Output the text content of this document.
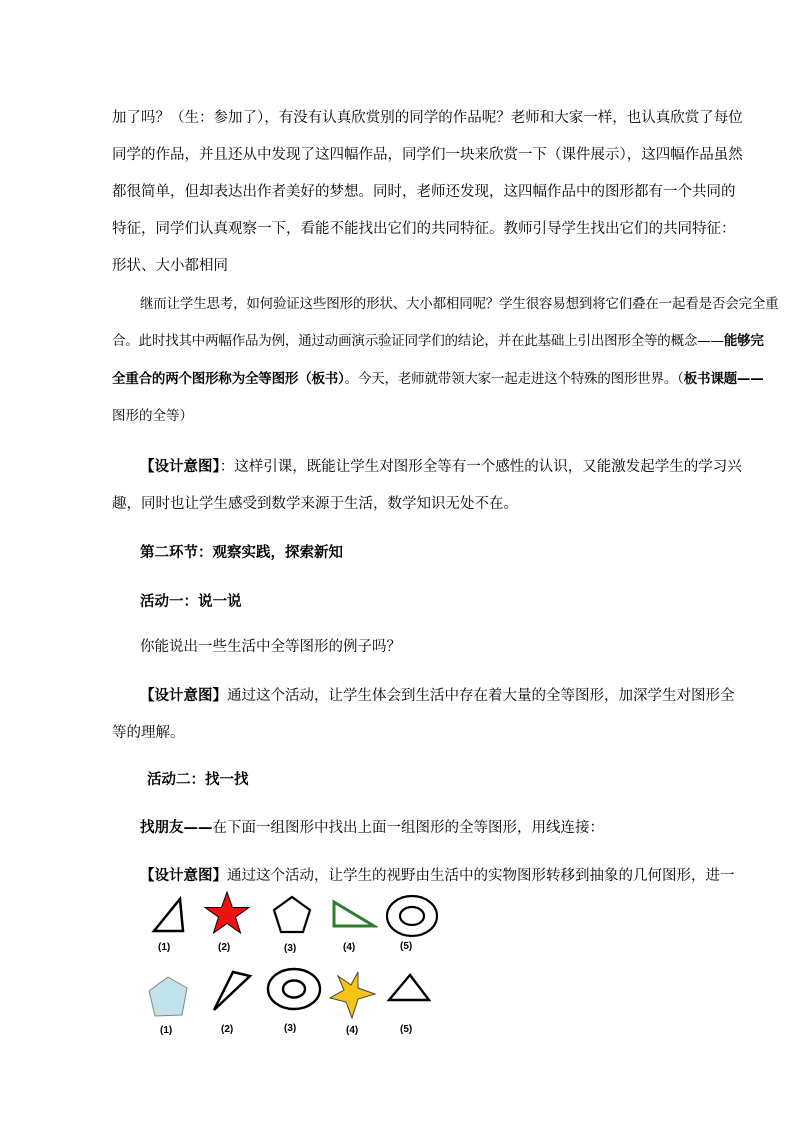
加了吗？（生：参加了），有没有认真欣赏别的同学的作品呢？老师和大家一样，也认真欣赏了每位
同学的作品，并且还从中发现了这四幅作品，同学们一块来欣赏一下（课件展示），这四幅作品虽然
都很简单，但却表达出作者美好的梦想。同时，老师还发现，这四幅作品中的图形都有一个共同的
特征，同学们认真观察一下，看能不能找出它们的共同特征。教师引导学生找出它们的共同特征：
形状、大小都相同
继而让学生思考，如何验证这些图形的形状、大小都相同呢？学生很容易想到将它们叠在一起看是否会完全重
合。此时找其中两幅作品为例，通过动画演示验证同学们的结论，并在此基础上引出图形全等的概念——能够完
全重合的两个图形称为全等图形（板书）。今天，老师就带领大家一起走进这个特殊的图形世界。（板书课题——
图形的全等）
【设计意图】：这样引课，既能让学生对图形全等有一个感性的认识，又能激发起学生的学习兴
趣，同时也让学生感受到数学来源于生活，数学知识无处不在。
第二环节：观察实践，探索新知
活动一：说一说
你能说出一些生活中全等图形的例子吗？
【设计意图】通过这个活动，让学生体会到生活中存在着大量的全等图形，加深学生对图形全
等的理解。
活动二：找一找
找朋友——在下面一组图形中找出上面一组图形的全等图形，用线连接：
【设计意图】通过这个活动，让学生的视野由生活中的实物图形转移到抽象的几何图形，进一
(1)	(2)	(3)	(4)	(5)
(1)	(2)	(3)	(4)	(5)
